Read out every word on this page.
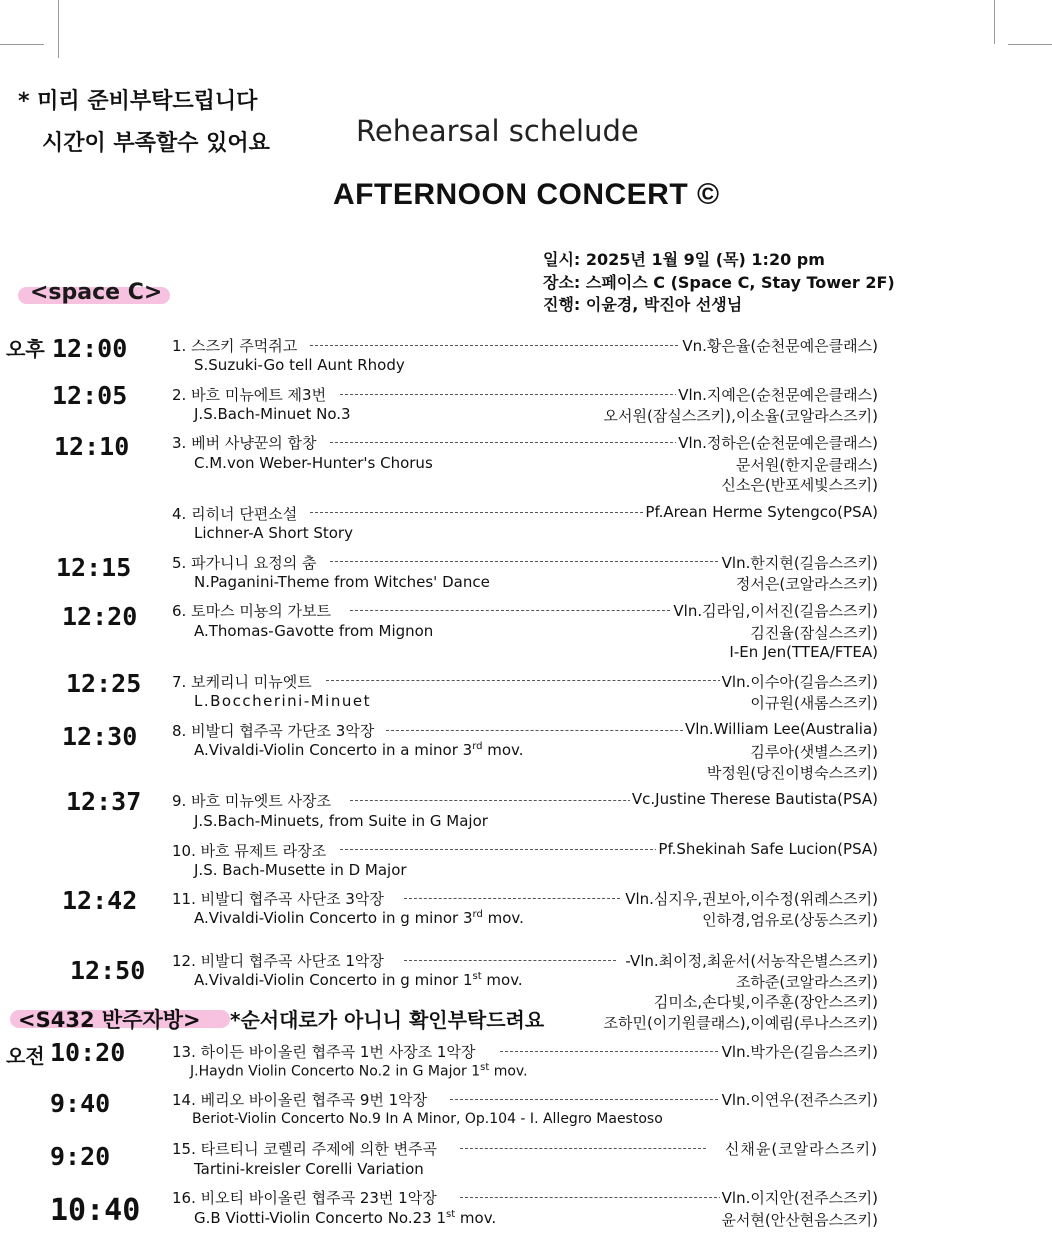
* 미리 준비부탁드립니다
시간이 부족할수 있어요
<space C>
오후
<S432 반주자방> *순서대로가 아니니 확인부탁드려요
오전
Rehearsal schelude
AFTERNOON CONCERT ©
일시: 2025년 1월 9일 (목) 1:20 pm
장소: 스페이스 C (Space C, Stay Tower 2F)
진행: 이윤경, 박진아 선생님
12:00	1. 스즈키 주먹쥐고
S.Suzuki-Go tell Aunt Rhody
Vn.황은율(순천문예은클래스)
12:05	2. 바흐 미뉴에트 제3번
J.S.Bach-Minuet No.3
Vln.지예은(순천문예은클래스)
오서원(잠실스즈키),이소율(코알라스즈키)
12:10	3. 베버 사냥꾼의 합창
C.M.von Weber-Hunter's Chorus
Vln.정하은(순천문예은클래스)
문서원(한지운클래스)
신소은(반포세빛스즈키)
4. 리히너 단편소설
Lichner-A Short Story
Pf.Arean Herme Sytengco(PSA)
12:15	5. 파가니니 요정의 춤
N.Paganini-Theme from Witches' Dance
Vln.한지현(길음스즈키)
정서은(코알라스즈키)
12:20 6. 토마스 미뇽의 가보트
A.Thomas-Gavotte from Mignon
Vln.김라임,이서진(길음스즈키)
김진율(잠실스즈키)
I-En Jen(TTEA/FTEA)
12:25 7. 보케리니 미뉴엣트
L.Boccherini-Minuet
Vln.이수아(길음스즈키)
이규원(새롬스즈키)
12:30 8. 비발디 협주곡 가단조 3악장
A.Vivaldi-Violin Concerto in a minor 3rd mov.
Vln.William Lee(Australia)
김루아(샛별스즈키)
박정원(당진이병숙스즈키)
12:37 9. 바흐 미뉴엣트 사장조
J.S.Bach-Minuets, from Suite in G Major
Vc.Justine Therese Bautista(PSA)
10. 바흐 뮤제트 라장조
J.S. Bach-Musette in D Major
Pf.Shekinah Safe Lucion(PSA)
12:42 11. 비발디 협주곡 사단조 3악장
A.Vivaldi-Violin Concerto in g minor 3rd mov.
Vln.심지우,권보아,이수정(위례스즈키)
인하경,엄유로(상동스즈키)
12:50 12. 비발디 협주곡 사단조 1악장
A.Vivaldi-Violin Concerto in g minor 1st mov.
-Vln.최이정,최윤서(서농작은별스즈키)
조하준(코알라스즈키)
김미소,손다빛,이주훈(장안스즈키)
조하민(이기원클래스),이예림(루나스즈키)
10:20	13. 하이든 바이올린 협주곡 1번 사장조 1악장
J.Haydn Violin Concerto No.2 in G Major 1st mov.
Vln.박가은(길음스즈키)
9:40	14. 베리오 바이올린 협주곡 9번 1악장
Beriot-Violin Concerto No.9 In A Minor, Op.104 - I. Allegro Maestoso
Vln.이연우(전주스즈키)
9:20	15. 타르티니 코렐리 주제에 의한 변주곡
Tartini-kreisler Corelli Variation
신채윤(코알라스즈키)
10:40 16. 비오티 바이올린 협주곡 23번 1악장
G.B Viotti-Violin Concerto No.23 1st mov.
Vln.이지안(전주스즈키)
윤서현(안산현음스즈키)
